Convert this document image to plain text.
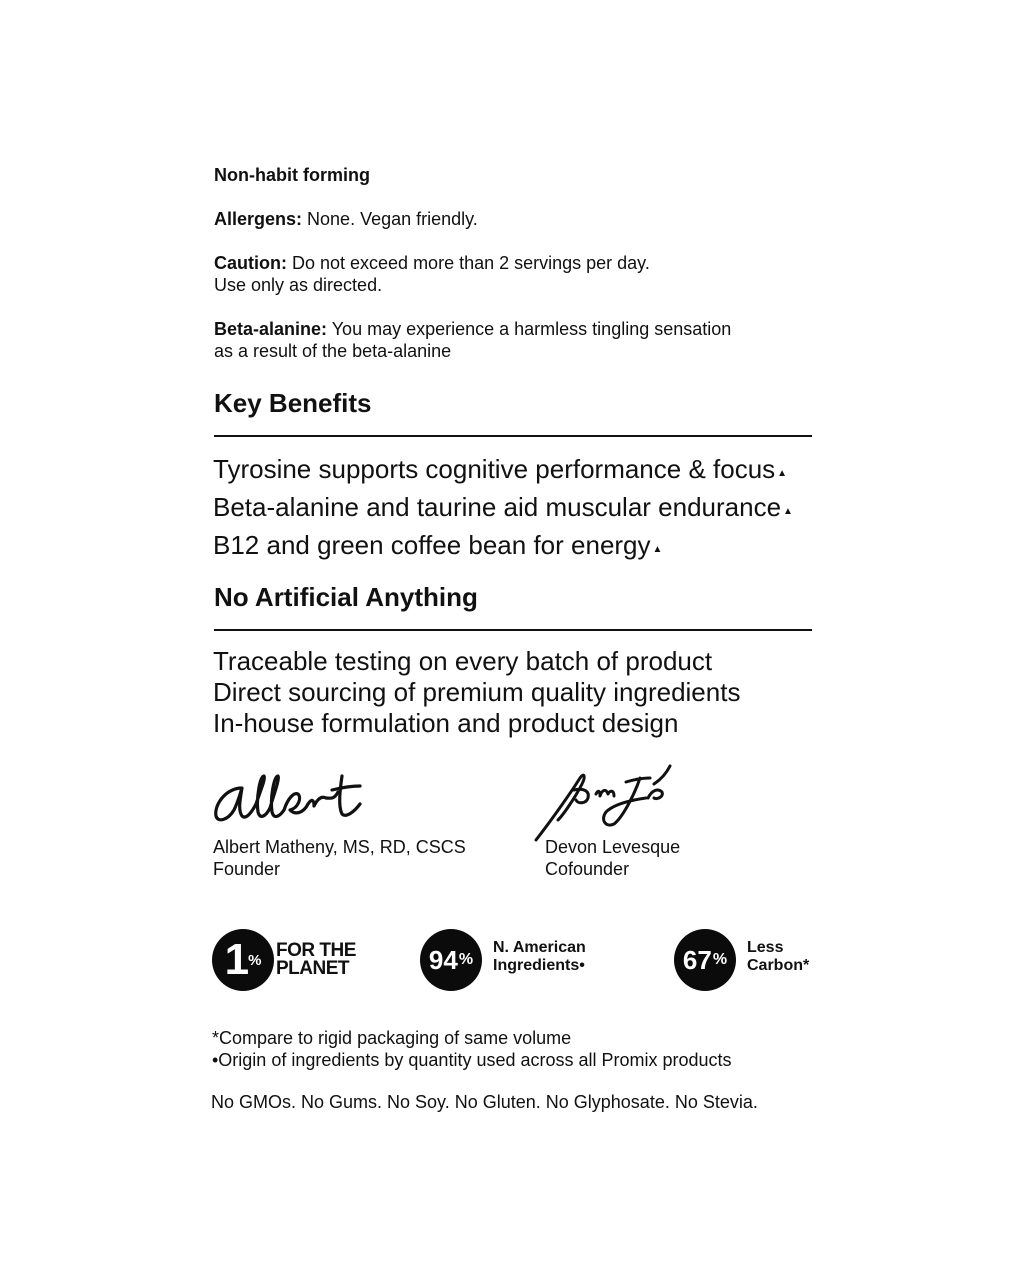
Non-habit forming
Allergens: None. Vegan friendly.
Caution: Do not exceed more than 2 servings per day.
Use only as directed.
Beta-alanine: You may experience a harmless tingling sensation
as a result of the beta-alanine
Key Benefits
Tyrosine supports cognitive performance & focus ▲
Beta-alanine and taurine aid muscular endurance ▲
B12 and green coffee bean for energy ▲
No Artificial Anything
Traceable testing on every batch of product
Direct sourcing of premium quality ingredients
In-house formulation and product design
Albert Matheny, MS, RD, CSCS
Founder
Devon Levesque
Cofounder
1 % FOR THE
PLANET	94 %
N. American
Ingredients•	67 %
Less
Carbon*
*Compare to rigid packaging of same volume
•Origin of ingredients by quantity used across all Promix products
No GMOs. No Gums. No Soy. No Gluten. No Glyphosate. No Stevia.
